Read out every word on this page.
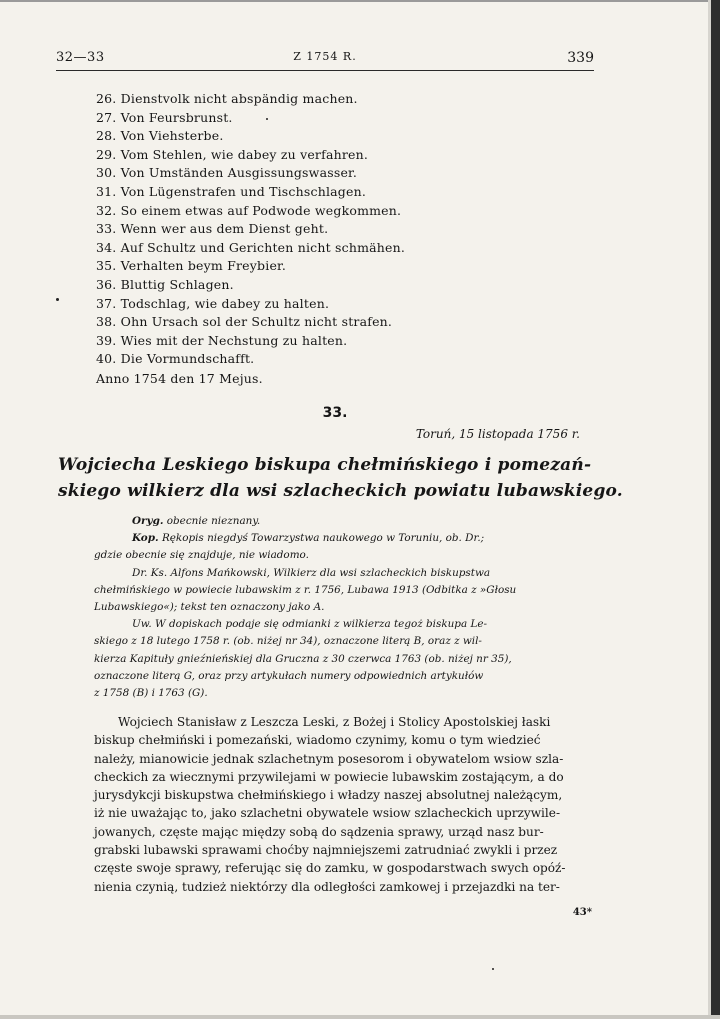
32—33	Z 1754 R.	339
26. Dienstvolk nicht abspändig machen.
27. Von Feursbrunst.
28. Von Viehsterbe.
29. Vom Stehlen, wie dabey zu verfahren.
30. Von Umständen Ausgissungswasser.
31. Von Lügenstrafen und Tischschlagen.
32. So einem etwas auf Podwode wegkommen.
33. Wenn wer aus dem Dienst geht.
34. Auf Schultz und Gerichten nicht schmähen.
35. Verhalten beym Freybier.
36. Bluttig Schlagen.
37. Todschlag, wie dabey zu halten.
38. Ohn Ursach sol der Schultz nicht strafen.
39. Wies mit der Nechstung zu halten.
40. Die Vormundschafft.
Anno 1754 den 17 Mejus.
33.
Toruń, 15 listopada 1756 r.
Wojciecha Leskiego biskupa chełmińskiego i pomezań-
skiego wilkierz dla wsi szlacheckich powiatu lubawskiego.
Oryg. obecnie nieznany.
Kop. Rękopis niegdyś Towarzystwa naukowego w Toruniu, ob. Dr.;
gdzie obecnie się znajduje, nie wiadomo.
Dr. Ks. Alfons Mańkowski, Wilkierz dla wsi szlacheckich biskupstwa
chełmińskiego w powiecie lubawskim z r. 1756, Lubawa 1913 (Odbitka z »Głosu
Lubawskiego«); tekst ten oznaczony jako A.
Uw. W dopiskach podaje się odmianki z wilkierza tegoż biskupa Le-
skiego z 18 lutego 1758 r. (ob. niżej nr 34), oznaczone literą B, oraz z wil-
kierza Kapituły gnieźnieńskiej dla Gruczna z 30 czerwca 1763 (ob. niżej nr 35),
oznaczone literą G, oraz przy artykułach numery odpowiednich artykułów
z 1758 (B) i 1763 (G).
Wojciech Stanisław z Leszcza Leski, z Bożej i Stolicy Apostolskiej łaski
biskup chełmiński i pomezański, wiadomo czynimy, komu o tym wiedzieć
należy, mianowicie jednak szlachetnym posesorom i obywatelom wsiow szla-
checkich za wiecznymi przywilejami w powiecie lubawskim zostającym, a do
jurysdykcji biskupstwa chełmińskiego i władzy naszej absolutnej należącym,
iż nie uważając to, jako szlachetni obywatele wsiow szlacheckich uprzywile-
jowanych, częste mając między sobą do sądzenia sprawy, urząd nasz bur-
grabski lubawski sprawami choćby najmniejszemi zatrudniać zwykli i przez
częste swoje sprawy, referując się do zamku, w gospodarstwach swych opóź-
nienia czynią, tudzież niektórzy dla odległości zamkowej i przejazdki na ter-
43*
